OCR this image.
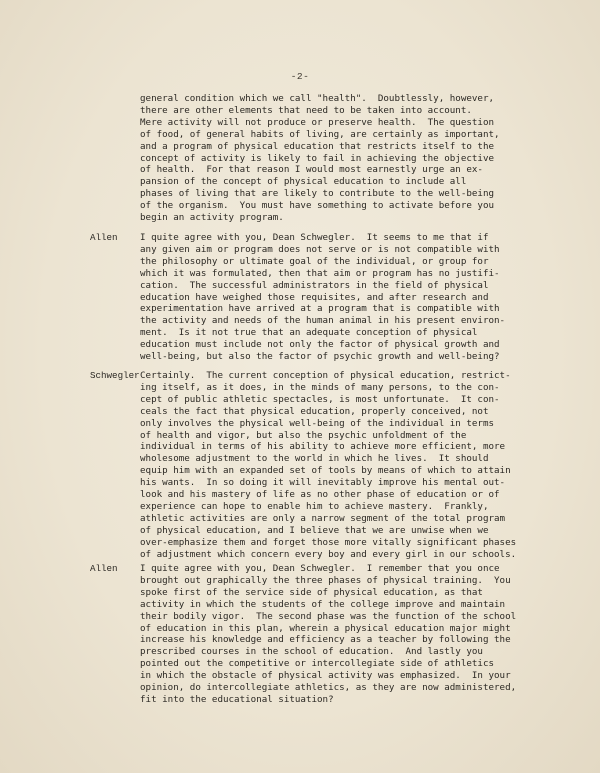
-2-
general condition which we call "health".  Doubtlessly, however,
there are other elements that need to be taken into account.
Mere activity will not produce or preserve health.  The question
of food, of general habits of living, are certainly as important,
and a program of physical education that restricts itself to the
concept of activity is likely to fail in achieving the objective
of health.  For that reason I would most earnestly urge an ex-
pansion of the concept of physical education to include all
phases of living that are likely to contribute to the well-being
of the organism.  You must have something to activate before you
begin an activity program.
Allen I quite agree with you, Dean Schwegler.  It seems to me that if
any given aim or program does not serve or is not compatible with
the philosophy or ultimate goal of the individual, or group for
which it was formulated, then that aim or program has no justifi-
cation.  The successful administrators in the field of physical
education have weighed those requisites, and after research and
experimentation have arrived at a program that is compatible with
the activity and needs of the human animal in his present environ-
ment.  Is it not true that an adequate conception of physical
education must include not only the factor of physical growth and
well-being, but also the factor of psychic growth and well-being?
Schwegler Certainly.  The current conception of physical education, restrict-
ing itself, as it does, in the minds of many persons, to the con-
cept of public athletic spectacles, is most unfortunate.  It con-
ceals the fact that physical education, properly conceived, not
only involves the physical well-being of the individual in terms
of health and vigor, but also the psychic unfoldment of the
individual in terms of his ability to achieve more efficient, more
wholesome adjustment to the world in which he lives.  It should
equip him with an expanded set of tools by means of which to attain
his wants.  In so doing it will inevitably improve his mental out-
look and his mastery of life as no other phase of education or of
experience can hope to enable him to achieve mastery.  Frankly,
athletic activities are only a narrow segment of the total program
of physical education, and I believe that we are unwise when we
over-emphasize them and forget those more vitally significant phases
of adjustment which concern every boy and every girl in our schools.
Allen I quite agree with you, Dean Schwegler.  I remember that you once
brought out graphically the three phases of physical training.  You
spoke first of the service side of physical education, as that
activity in which the students of the college improve and maintain
their bodily vigor.  The second phase was the function of the school
of education in this plan, wherein a physical education major might
increase his knowledge and efficiency as a teacher by following the
prescribed courses in the school of education.  And lastly you
pointed out the competitive or intercollegiate side of athletics
in which the obstacle of physical activity was emphasized.  In your
opinion, do intercollegiate athletics, as they are now administered,
fit into the educational situation?
